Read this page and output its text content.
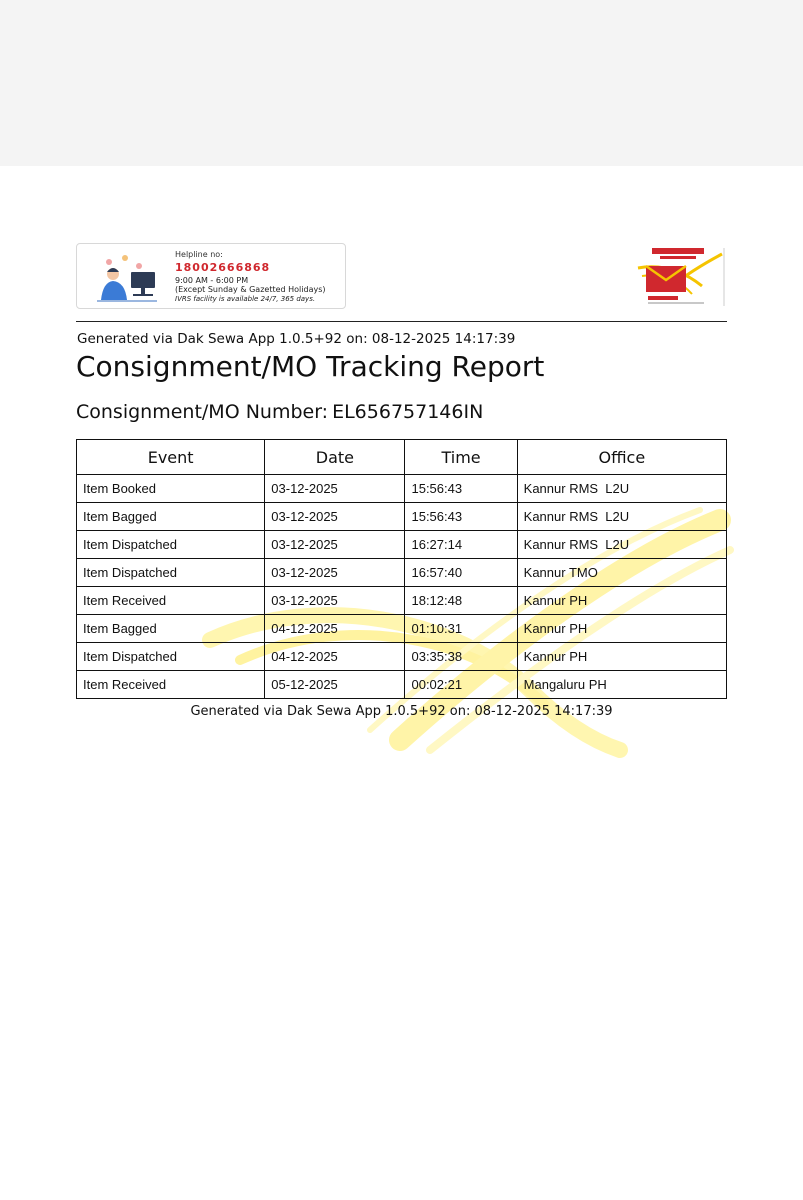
Helpline no:
18002666868
9:00 AM - 6:00 PM
(Except Sunday & Gazetted Holidays)
IVRS facility is available 24/7, 365 days.
Generated via Dak Sewa App 1.0.5+92 on: 08-12-2025 14:17:39
Consignment/MO Tracking Report
Consignment/MO Number: EL656757146IN
Event	Date	Time	Office
Item Booked	03-12-2025	15:56:43	Kannur RMS  L2U
Item Bagged	03-12-2025	15:56:43	Kannur RMS  L2U
Item Dispatched	03-12-2025	16:27:14	Kannur RMS  L2U
Item Dispatched	03-12-2025	16:57:40	Kannur TMO
Item Received	03-12-2025	18:12:48	Kannur PH
Item Bagged	04-12-2025	01:10:31	Kannur PH
Item Dispatched	04-12-2025	03:35:38	Kannur PH
Item Received	05-12-2025	00:02:21	Mangaluru PH
Generated via Dak Sewa App 1.0.5+92 on: 08-12-2025 14:17:39
